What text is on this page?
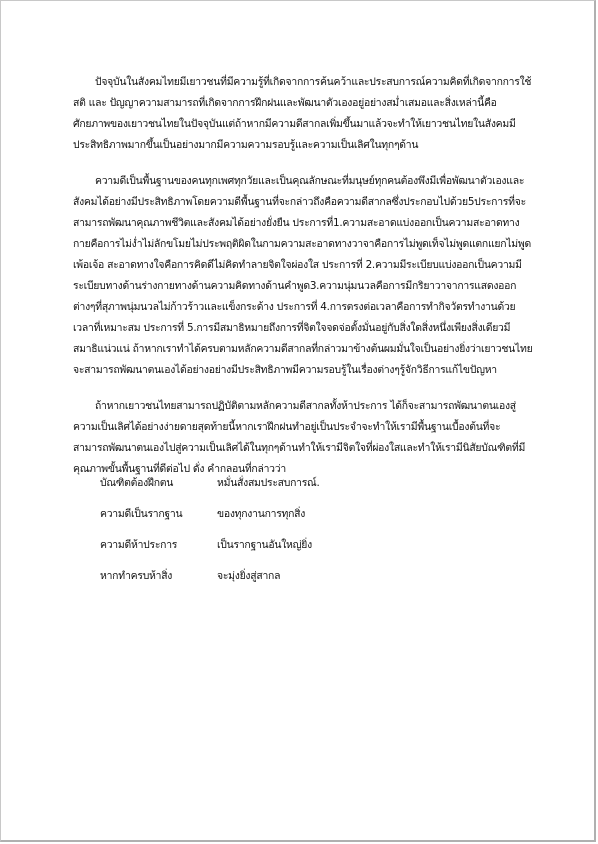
ปัจจุบันในสังคมไทยมีเยาวชนที่มีความรู้ที่เกิดจากการค้นคว้าและประสบการณ์ความคิดที่เกิดจากการใช้สติ และ ปัญญาความสามารถที่เกิดจากการฝึกฝนและพัฒนาตัวเองอยู่อย่างสม่ำเสมอและสิ่งเหล่านี้คือศักยภาพของเยาวชนไทยในปัจจุบันแต่ถ้าหากมีความดีสากลเพิ่มขึ้นมาแล้วจะทำให้เยาวชนไทยในสังคมมีประสิทธิภาพมากขึ้นเป็นอย่างมากมีความความรอบรู้และความเป็นเลิศในทุกๆด้าน

ความดีเป็นพื้นฐานของคนทุกเพศทุกวัยและเป็นคุณลักษณะที่มนุษย์ทุกคนต้องพึงมีเพื่อพัฒนาตัวเองและสังคมได้อย่างมีประสิทธิภาพโดยความดีพื้นฐานที่จะกล่าวถึงคือความดีสากลซึ่งประกอบไปด้วย5ประการที่จะสามารถพัฒนาคุณภาพชีวิตและสังคมได้อย่างยั่งยืน ประการที่1.ความสะอาดแบ่งออกเป็นความสะอาดทางกายคือการไม่ง่ำไม่ลักขโมยไม่ประพฤติผิดในกามความสะอาดทางวาจาคือการไม่พูดเท็จไม่พูดแตกแยกไม่พูด เพ้อเจ้อ สะอาดทางใจคือการคิดดีไม่คิดทำลายจิตใจผ่องใส ประการที่ 2.ความมีระเบียบแบ่งออกเป็นความมีระเบียบทางด้านร่างกายทางด้านความคิดทางด้านคำพูด3.ความนุ่มนวลคือการมีกริยาวาจาการแสดงออกต่างๆที่สุภาพนุ่มนวลไม่ก้าวร้าวและแข็งกระด้าง ประการที่ 4.การตรงต่อเวลาคือการทำกิจวัตรทำงานด้วยเวลาที่เหมาะสม ประการที่ 5.การมีสมาธิหมายถึงการที่จิตใจจดจ่อตั้งมั่นอยู่กับสิ่งใดสิ่งหนึ่งเพียงสิ่งเดียวมีสมาธิแน่วแน่ ถ้าหากเราทำได้ครบตามหลักความดีสากลที่กล่าวมาข้างต้นผมมั่นใจเป็นอย่างยิ่งว่าเยาวชนไทยจะสามารถพัฒนาตนเองได้อย่างอย่างมีประสิทธิภาพมีความรอบรู้ในเรื่องต่างๆรู้จักวิธีการแก้ไขปัญหา

ถ้าหากเยาวชนไทยสามารถปฏิบัติตามหลักความดีสากลทั้งห้าประการ ได้ก็จะสามารถพัฒนาตนเองสู่ความเป็นเลิศได้อย่างง่ายดายสุดท้ายนี้หากเราฝึกฝนทำอยู่เป็นประจำจะทำให้เรามีพื้นฐานเบื้องต้นที่จะสามารถพัฒนาตนเองไปสู่ความเป็นเลิศได้ในทุกๆด้านทำให้เรามีจิตใจที่ผ่องใสและทำให้เรามีนิสัยบัณฑิตที่มีคุณภาพขั้นพื้นฐานที่ดีต่อไป ดั่ง คำกลอนที่กล่าวว่า

บัณฑิตต้องฝึกตน	หมั่นสั่งสมประสบการณ์.
ความดีเป็นรากฐาน	ของทุกงานการทุกสิ่ง
ความดีห้าประการ	เป็นรากฐานอันใหญ่ยิ่ง
หากทำครบห้าสิ่ง	จะมุ่งยิ่งสู่สากล
